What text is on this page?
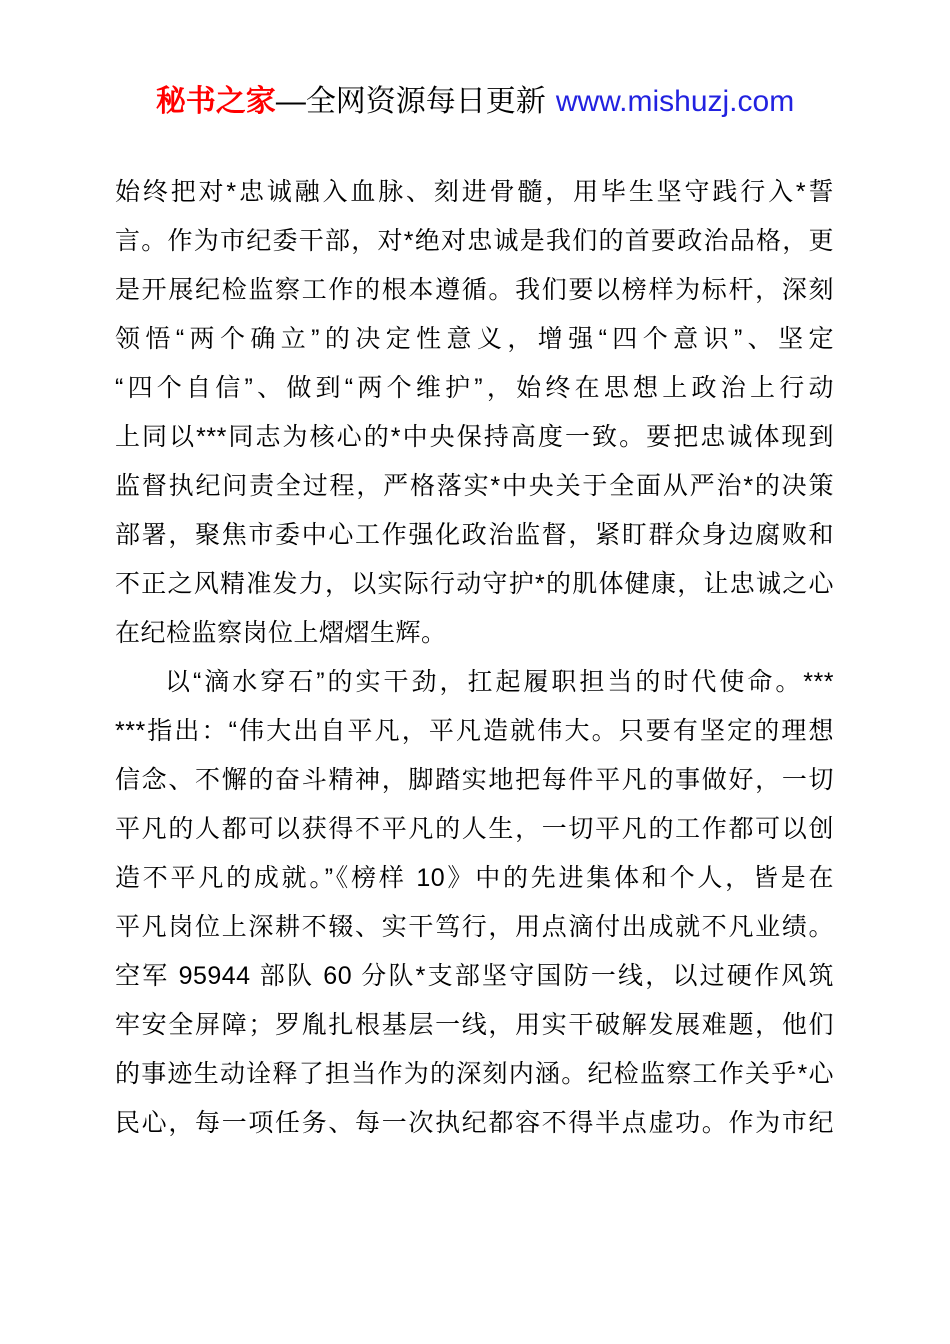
秘书之家—全网资源每日更新 www.mishuzj.com
始终把对*忠诚融入血脉、刻进骨髓，用毕生坚守践行入*誓
言。作为市纪委干部，对*绝对忠诚是我们的首要政治品格，更
是开展纪检监察工作的根本遵循。我们要以榜样为标杆，深刻
领悟“两个确立”的决定性意义，增强“四个意识”、坚定
“四个自信”、做到“两个维护”，始终在思想上政治上行动
上同以***同志为核心的*中央保持高度一致。要把忠诚体现到
监督执纪问责全过程，严格落实*中央关于全面从严治*的决策
部署，聚焦市委中心工作强化政治监督，紧盯群众身边腐败和
不正之风精准发力，以实际行动守护*的肌体健康，让忠诚之心
在纪检监察岗位上熠熠生辉。
以“滴水穿石”的实干劲，扛起履职担当的时代使命。***
***指出：“伟大出自平凡，平凡造就伟大。只要有坚定的理想
信念、不懈的奋斗精神，脚踏实地把每件平凡的事做好，一切
平凡的人都可以获得不平凡的人生，一切平凡的工作都可以创
造不平凡的成就。”《榜样 10》中的先进集体和个人，皆是在
平凡岗位上深耕不辍、实干笃行，用点滴付出成就不凡业绩。
空军 95944 部队 60 分队*支部坚守国防一线，以过硬作风筑
牢安全屏障；罗胤扎根基层一线，用实干破解发展难题，他们
的事迹生动诠释了担当作为的深刻内涵。纪检监察工作关乎*心
民心，每一项任务、每一次执纪都容不得半点虚功。作为市纪
